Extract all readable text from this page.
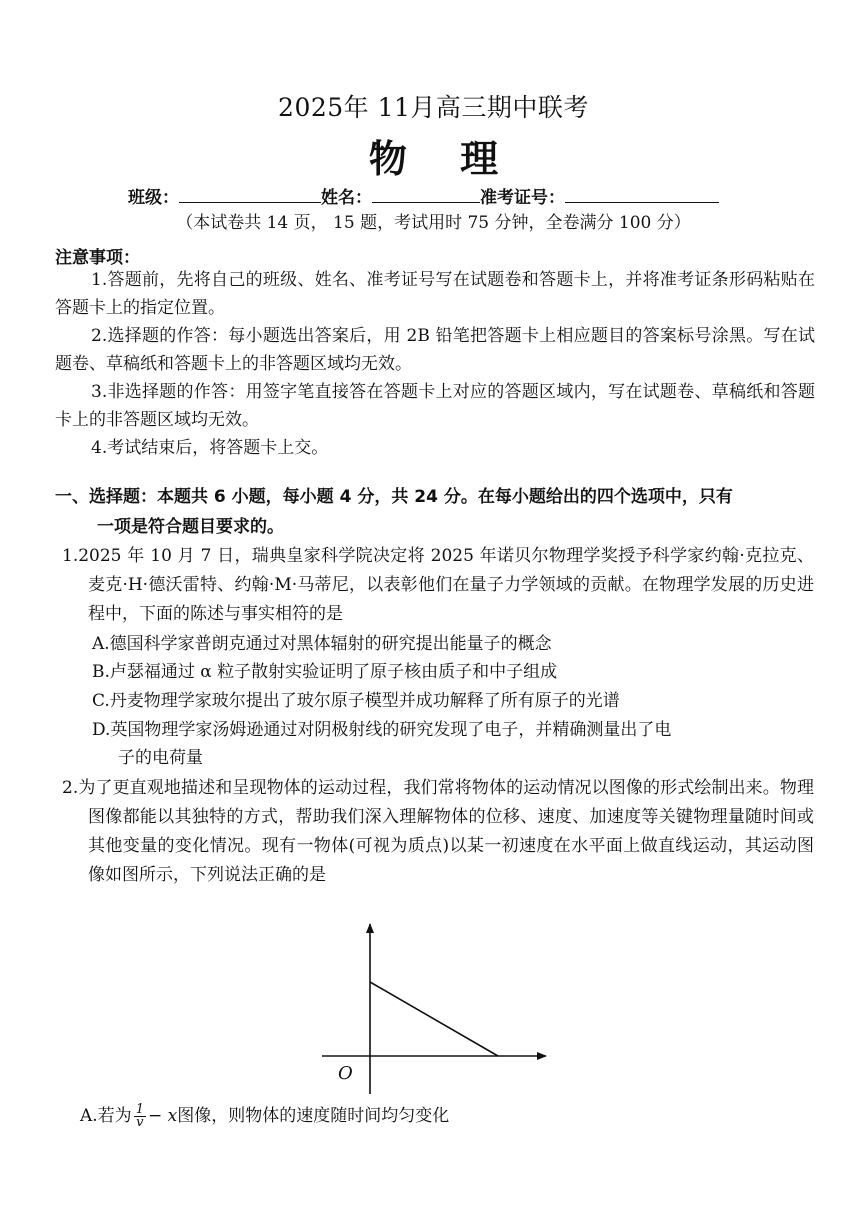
2025年 11月高三期中联考
物 理
班级：	姓名：	准考证号：
（本试卷共 14 页， 15 题，考试用时 75 分钟，全卷满分 100 分）
注意事项：
1.答题前，先将自己的班级、姓名、准考证号写在试题卷和答题卡上，并将准考证条形码粘贴在答题卡上的指定位置。
2.选择题的作答：每小题选出答案后，用 2B 铅笔把答题卡上相应题目的答案标号涂黑。写在试题卷、草稿纸和答题卡上的非答题区域均无效。
3.非选择题的作答：用签字笔直接答在答题卡上对应的答题区域内，写在试题卷、草稿纸和答题卡上的非答题区域均无效。
4.考试结束后，将答题卡上交。
一、选择题：本题共 6 小题，每小题 4 分，共 24 分。在每小题给出的四个选项中，只有
一项是符合题目要求的。
1.2025 年 10 月 7 日，瑞典皇家科学院决定将 2025 年诺贝尔物理学奖授予科学家约翰·克拉克、麦克·H·德沃雷特、约翰·M·马蒂尼，以表彰他们在量子力学领域的贡献。在物理学发展的历史进程中，下面的陈述与事实相符的是
A.德国科学家普朗克通过对黑体辐射的研究提出能量子的概念
B.卢瑟福通过 α 粒子散射实验证明了原子核由质子和中子组成
C.丹麦物理学家玻尔提出了玻尔原子模型并成功解释了所有原子的光谱
D.英国物理学家汤姆逊通过对阴极射线的研究发现了电子，并精确测量出了电
子的电荷量
2.为了更直观地描述和呈现物体的运动过程，我们常将物体的运动情况以图像的形式绘制出来。物理图像都能以其独特的方式，帮助我们深入理解物体的位移、速度、加速度等关键物理量随时间或其他变量的变化情况。现有一物体(可视为质点)以某一初速度在水平面上做直线运动，其运动图像如图所示，下列说法正确的是
O
A.若为 $\frac{1}{v} - x$图像，则物体的速度随时间均匀变化
